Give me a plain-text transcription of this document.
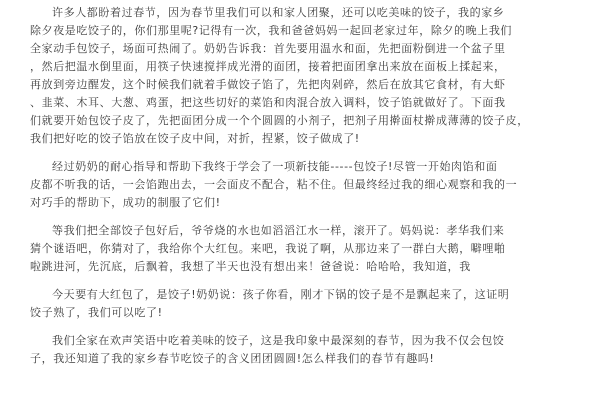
许多人都盼着过春节，因为春节里我们可以和家人团聚，还可以吃美味的饺子，我的家乡
除夕夜是吃饺子的，你们那里呢?记得有一次，我和爸爸妈妈一起回老家过年，除夕的晚上我们
全家动手包饺子，场面可热闹了。奶奶告诉我：首先要用温水和面，先把面粉倒进一个盆子里
，然后把温水倒里面，用筷子快速搅拌成光滑的面团，接着把面团拿出来放在面板上揉起来，
再放到旁边醒发，这个时候我们就着手做饺子馅了，先把肉剁碎，然后在放其它食材，有大虾
、韭菜、木耳、大葱、鸡蛋，把这些切好的菜馅和肉混合放入调料，饺子馅就做好了。下面我
们就要开始包饺子皮了，先把面团分成一个个圆圆的小剂子，把剂子用擀面杖擀成薄薄的饺子皮，
我们把好吃的饺子馅放在饺子皮中间，对折，捏紧，饺子做成了!
经过奶奶的耐心指导和帮助下我终于学会了一项新技能-----包饺子!尽管一开始肉馅和面
皮都不听我的话，一会馅跑出去，一会面皮不配合，粘不住。但最终经过我的细心观察和我的一
对巧手的帮助下，成功的制服了它们!
等我们把全部饺子包好后，爷爷烧的水也如滔滔江水一样，滚开了。妈妈说：孝华我们来
猜个谜语吧，你猜对了，我给你个大红包。来吧，我说了啊，从那边来了一群白大鹅，噼哩啪
啦跳进河，先沉底，后飘着，我想了半天也没有想出来！爸爸说：哈哈哈，我知道，我
今天要有大红包了，是饺子!奶奶说：孩子你看，刚才下锅的饺子是不是飘起来了，这证明
饺子熟了，我们可以吃了!
我们全家在欢声笑语中吃着美味的饺子，这是我印象中最深刻的春节，因为我不仅会包饺
子，我还知道了我的家乡春节吃饺子的含义团团圆圆!怎么样我们的春节有趣吗!
